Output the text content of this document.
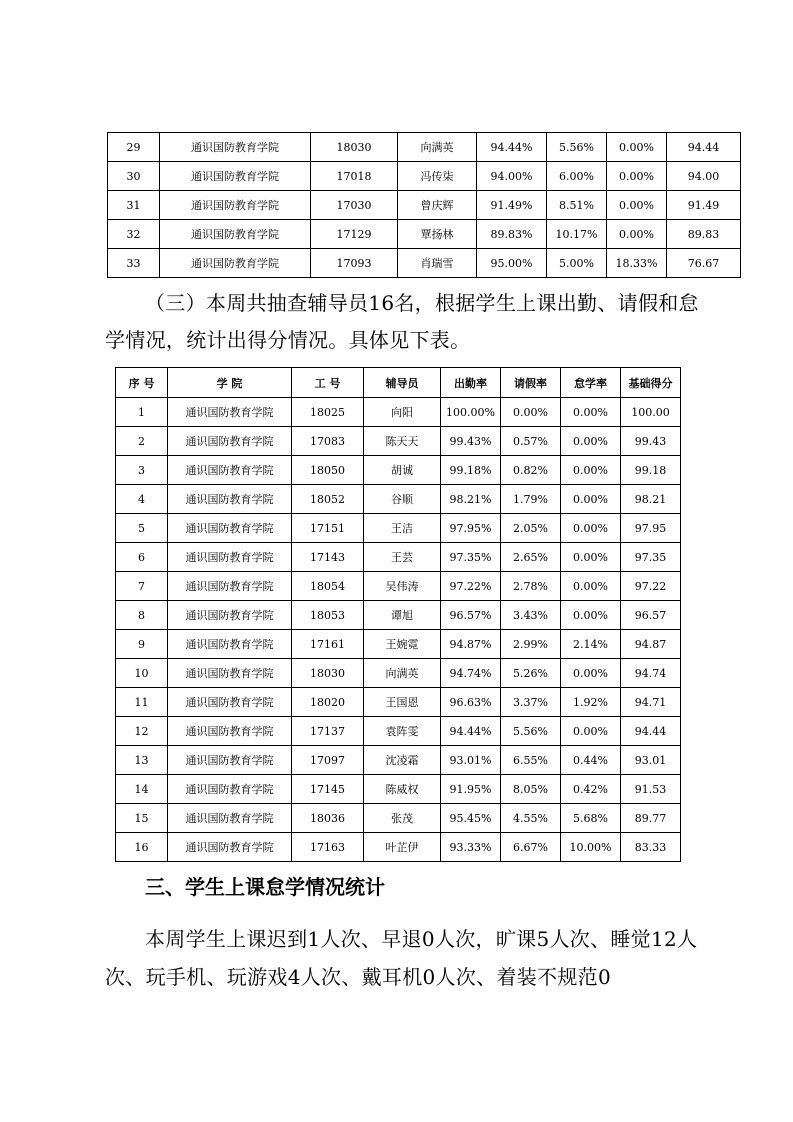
29	通识国防教育学院	18030	向满英	94.44%	5.56%	0.00%	94.44
30	通识国防教育学院	17018	冯传柒	94.00%	6.00%	0.00%	94.00
31	通识国防教育学院	17030	曾庆辉	91.49%	8.51%	0.00%	91.49
32	通识国防教育学院	17129	覃扬林	89.83%	10.17%	0.00%	89.83
33	通识国防教育学院	17093	肖瑞雪	95.00%	5.00%	18.33%	76.67

（三）本周共抽查辅导员16名，根据学生上课出勤、请假和怠学情况，统计出得分情况。具体见下表。

序 号	学 院	工 号	辅导员	出勤率	请假率	怠学率	基础得分
1	通识国防教育学院	18025	向阳	100.00%	0.00%	0.00%	100.00
2	通识国防教育学院	17083	陈天天	99.43%	0.57%	0.00%	99.43
3	通识国防教育学院	18050	胡诚	99.18%	0.82%	0.00%	99.18
4	通识国防教育学院	18052	谷顺	98.21%	1.79%	0.00%	98.21
5	通识国防教育学院	17151	王洁	97.95%	2.05%	0.00%	97.95
6	通识国防教育学院	17143	王芸	97.35%	2.65%	0.00%	97.35
7	通识国防教育学院	18054	吴伟涛	97.22%	2.78%	0.00%	97.22
8	通识国防教育学院	18053	谭旭	96.57%	3.43%	0.00%	96.57
9	通识国防教育学院	17161	王婉霓	94.87%	2.99%	2.14%	94.87
10	通识国防教育学院	18030	向满英	94.74%	5.26%	0.00%	94.74
11	通识国防教育学院	18020	王国恩	96.63%	3.37%	1.92%	94.71
12	通识国防教育学院	17137	袁阵雯	94.44%	5.56%	0.00%	94.44
13	通识国防教育学院	17097	沈凌霜	93.01%	6.55%	0.44%	93.01
14	通识国防教育学院	17145	陈威权	91.95%	8.05%	0.42%	91.53
15	通识国防教育学院	18036	张茂	95.45%	4.55%	5.68%	89.77
16	通识国防教育学院	17163	叶芷伊	93.33%	6.67%	10.00%	83.33
三、学生上课怠学情况统计

本周学生上课迟到1人次、早退0人次，旷课5人次、睡觉12人次、玩手机、玩游戏4人次、戴耳机0人次、着装不规范0
